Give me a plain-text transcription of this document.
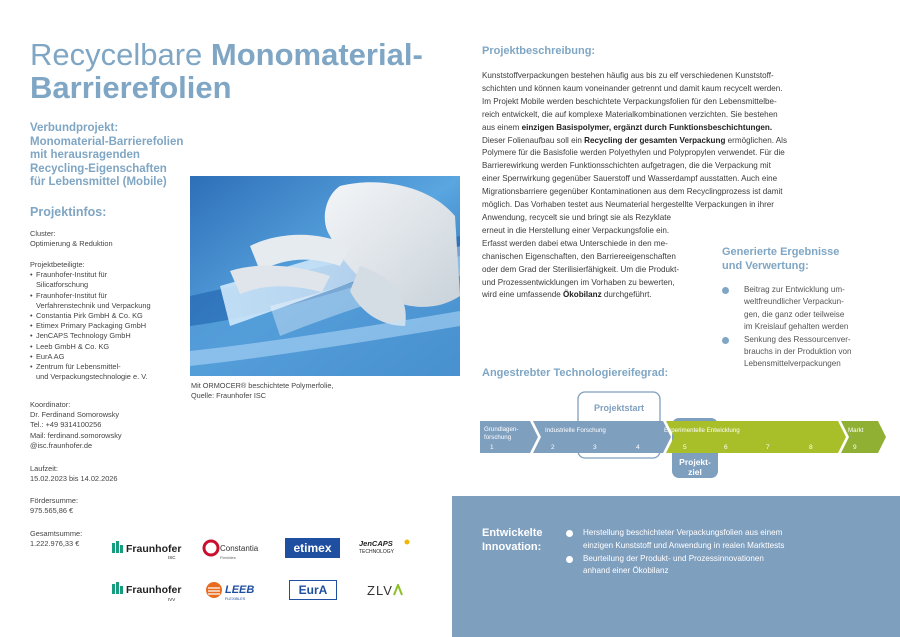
Recycelbare Monomaterial-
Barrierefolien
Verbundprojekt:
Monomaterial-Barrierefolien
mit herausragenden
Recycling-Eigenschaften
für Lebensmittel (Mobile)
Projektinfos:
Cluster:
Optimierung & Reduktion
Projektbeteiligte:
• Fraunhofer-Institut für
Silicatforschung
• Fraunhofer-Institut für
Verfahrenstechnik und Verpackung
• Constantia Pirk GmbH & Co. KG
• Etimex Primary Packaging GmbH
• JenCAPS Technology GmbH
• Leeb GmbH & Co. KG
• EurA AG
• Zentrum für Lebensmittel-
und Verpackungstechnologie e. V.
Koordinator:
Dr. Ferdinand Somorowsky
Tel.: +49 9314100256
Mail: ferdinand.somorowsky
@isc.fraunhofer.de
Laufzeit:
15.02.2023 bis 14.02.2026
Fördersumme:
975.565,86 €
Gesamtsumme:
1.222.976,33 €
Mit ORMOCER® beschichtete Polymerfolie,
Quelle: Fraunhofer ISC
Fraunhofer
ISC
Constantia
Flexibles
etimex	JenCAPS
TECHNOLOGY
Fraunhofer
IVV
LEEB
FLEXIBLES
EurA	ZLV
Projektbeschreibung:
Kunststoffverpackungen bestehen häufig aus bis zu elf verschiedenen Kunststoff-
schichten und können kaum voneinander getrennt und damit kaum recycelt werden.
Im Projekt Mobile werden beschichtete Verpackungsfolien für den Lebensmittelbe-
reich entwickelt, die auf komplexe Materialkombinationen verzichten. Sie bestehen
aus einem einzigen Basispolymer, ergänzt durch Funktionsbeschichtungen.
Dieser Folienaufbau soll ein Recycling der gesamten Verpackung ermöglichen. Als
Polymere für die Basisfolie werden Polyethylen und Polypropylen verwendet. Für die
Barrierewirkung werden Funktionsschichten aufgetragen, die die Verpackung mit
einer Sperrwirkung gegenüber Sauerstoff und Wasserdampf ausstatten. Auch eine
Migrationsbarriere gegenüber Kontaminationen aus dem Recyclingprozess ist damit
möglich. Das Vorhaben testet aus Neumaterial hergestellte Verpackungen in ihrer
Anwendung, recycelt sie und bringt sie als Rezyklate
erneut in die Herstellung einer Verpackungsfolie ein.
Erfasst werden dabei etwa Unterschiede in den me-
chanischen Eigenschaften, den Barriereeigenschaften
oder dem Grad der Sterilisierfähigkeit. Um die Produkt-
und Prozessentwicklungen im Vorhaben zu bewerten,
wird eine umfassende Ökobilanz durchgeführt.
Generierte Ergebnisse
und Verwertung:
Beitrag zur Entwicklung um-
weltfreundlicher Verpackun-
gen, die ganz oder teilweise
im Kreislauf gehalten werden
Senkung des Ressourcenver-
brauchs in der Produktion von
Lebensmittelverpackungen
Angestrebter Technologiereifegrad:
Projektstart
Projekt-
ziel
Grundlagen-
forschung
Industrielle Forschung	Experimentelle Entwicklung	Markt
1	2	3	4	5	6	7	8	9
Entwickelte
Innovation:
Herstellung beschichteter Verpackungsfolien aus einem
einzigen Kunststoff und Anwendung in realen Markttests
Beurteilung der Produkt- und Prozessinnovationen
anhand einer Ökobilanz
